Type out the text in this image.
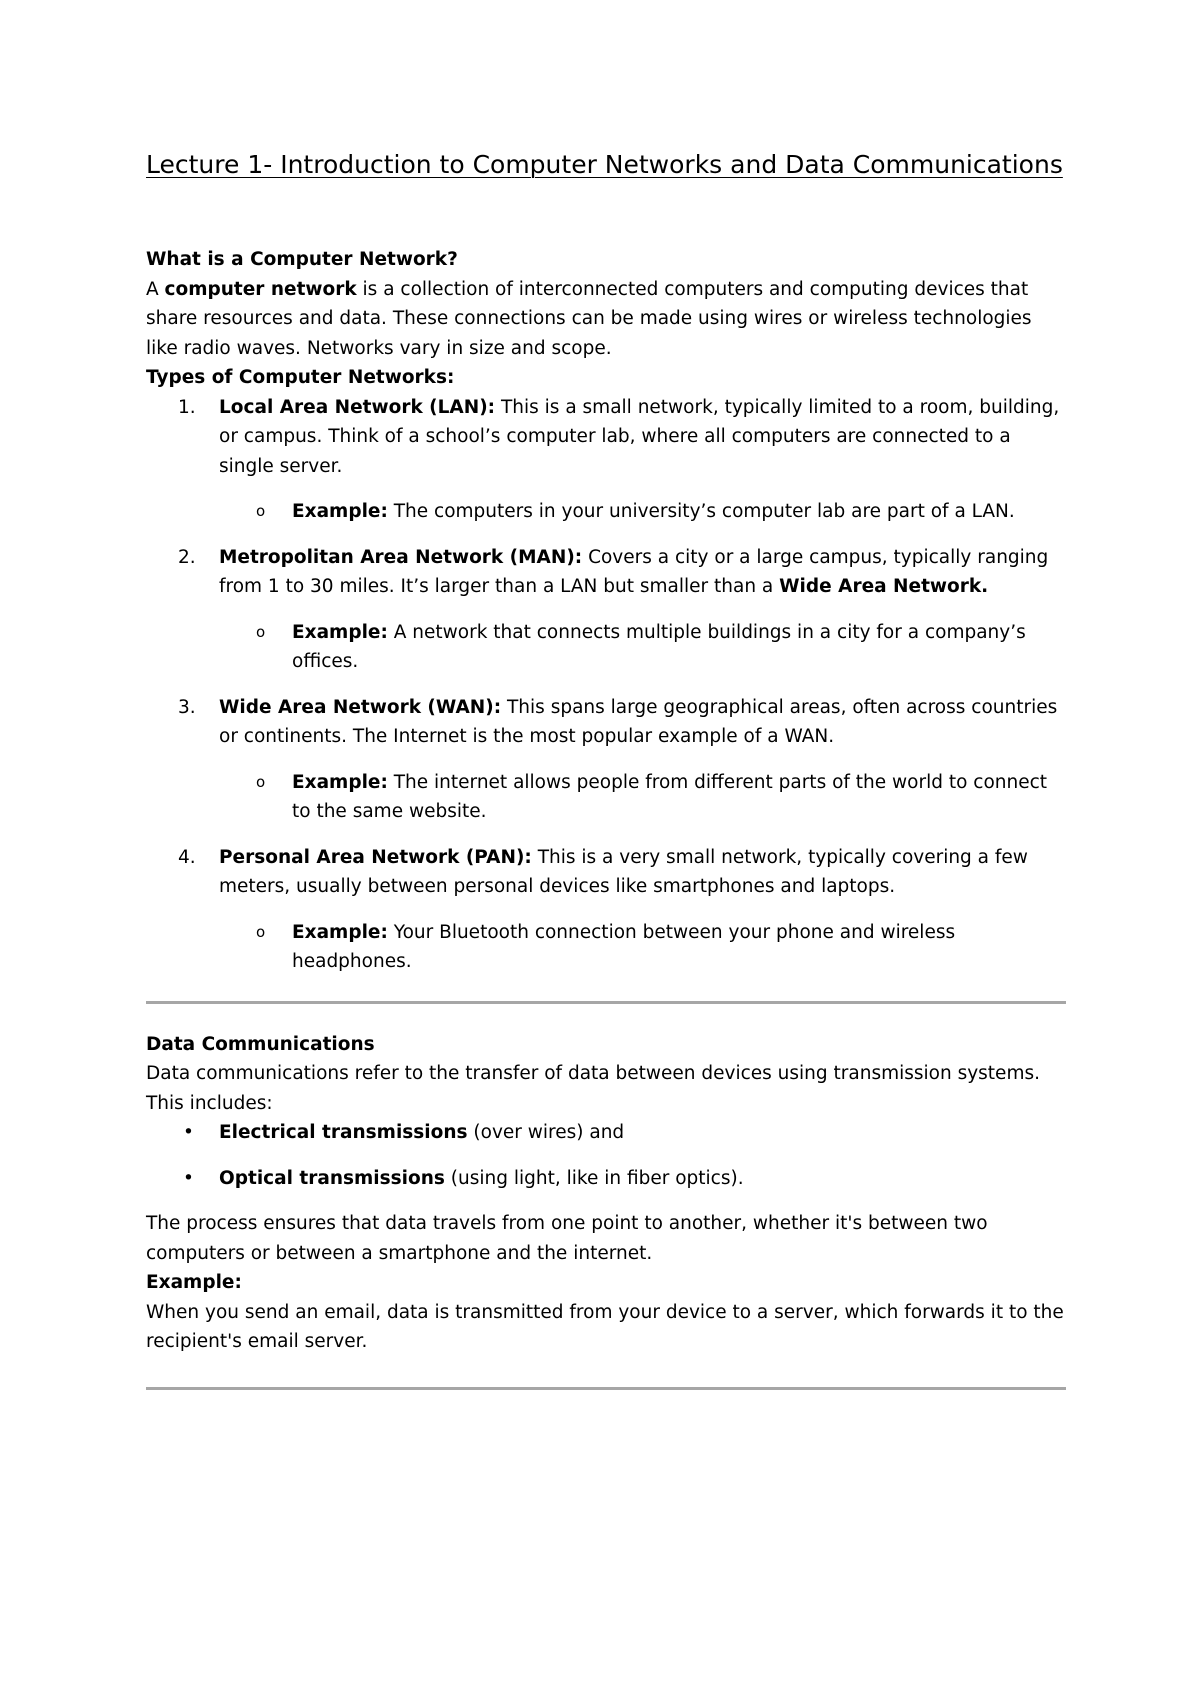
Lecture 1- Introduction to Computer Networks and Data Communications

What is a Computer Network?

A computer network is a collection of interconnected computers and computing devices that share resources and data. These connections can be made using wires or wireless technologies like radio waves. Networks vary in size and scope.

Types of Computer Networks:

1. Local Area Network (LAN): This is a small network, typically limited to a room, building, or campus. Think of a school’s computer lab, where all computers are connected to a single server.
o Example: The computers in your university’s computer lab are part of a LAN.
2. Metropolitan Area Network (MAN): Covers a city or a large campus, typically ranging from 1 to 30 miles. It’s larger than a LAN but smaller than a Wide Area Network.
o Example: A network that connects multiple buildings in a city for a company’s offices.
3. Wide Area Network (WAN): This spans large geographical areas, often across countries or continents. The Internet is the most popular example of a WAN.
o Example: The internet allows people from different parts of the world to connect to the same website.
4. Personal Area Network (PAN): This is a very small network, typically covering a few meters, usually between personal devices like smartphones and laptops.
o Example: Your Bluetooth connection between your phone and wireless headphones.

Data Communications

Data communications refer to the transfer of data between devices using transmission systems. This includes:

• Electrical transmissions (over wires) and
• Optical transmissions (using light, like in fiber optics).

The process ensures that data travels from one point to another, whether it's between two computers or between a smartphone and the internet.

Example:

When you send an email, data is transmitted from your device to a server, which forwards it to the recipient's email server.
